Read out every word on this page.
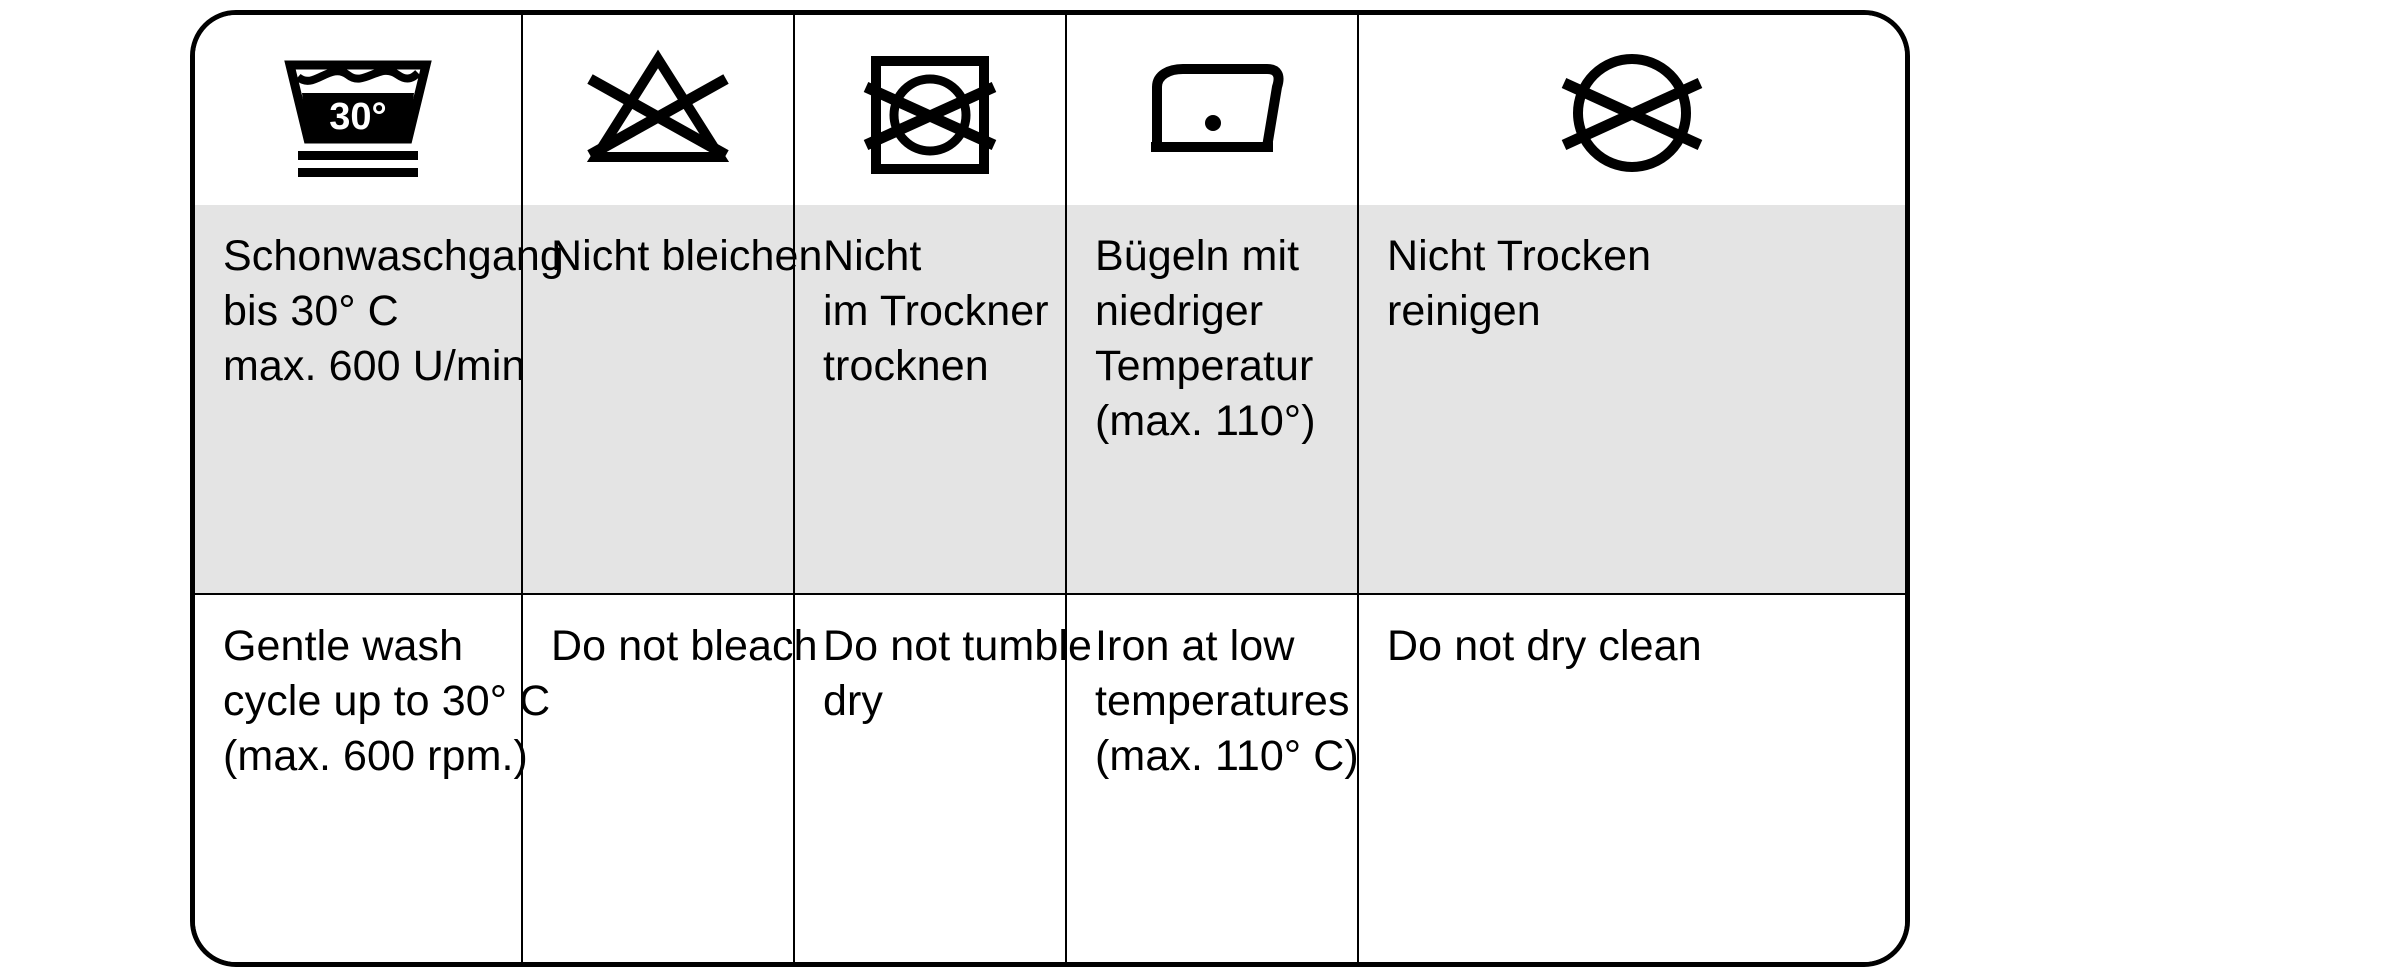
30°
Schonwaschgang
bis 30° C
max. 600 U/min
Nicht bleichen Nicht
im Trockner
trocknen
Bügeln mit
niedriger
Temperatur
(max. 110°)
Nicht Trocken
reinigen
Gentle wash
cycle up to 30° C
(max. 600 rpm.)
Do not bleach Do not tumble
dry
Iron at low
temperatures
(max. 110° C)
Do not dry clean
